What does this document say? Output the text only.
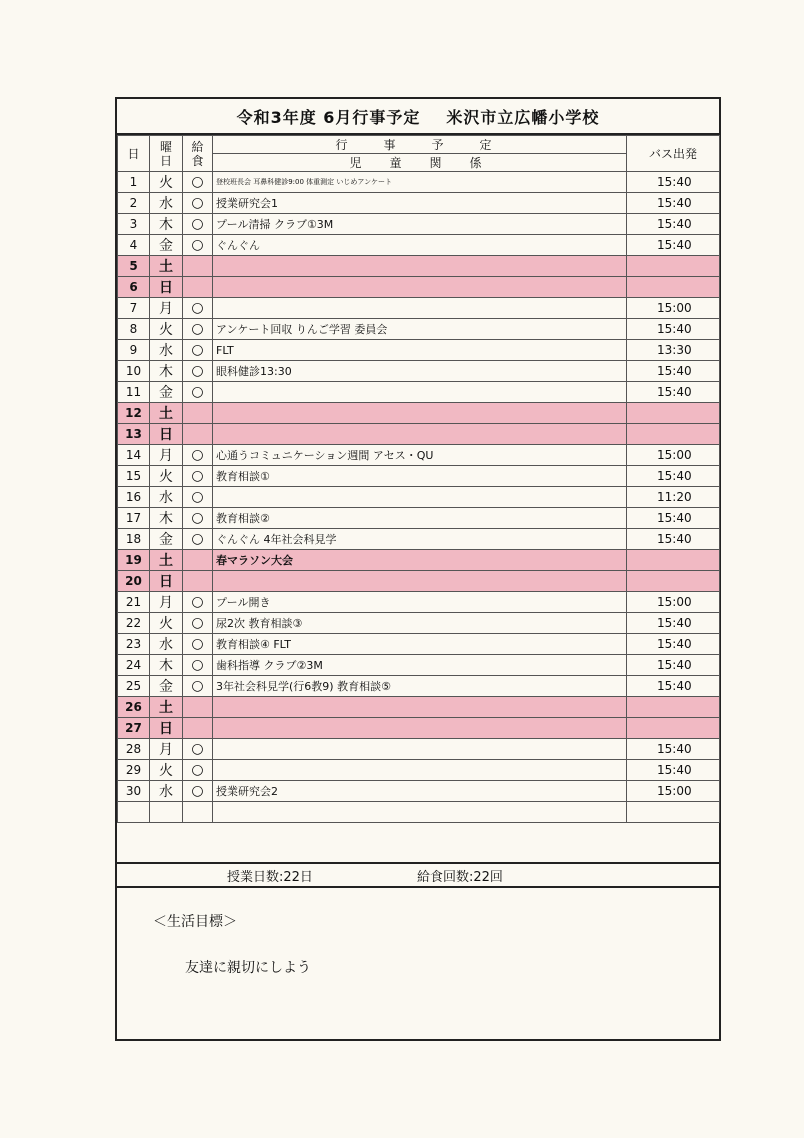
令和3年度 6月行事予定 米沢市立広幡小学校
日	曜日	給食	行　事　予　定	バス出発
			児　童　関　係	
1	火	○	登校班長会 耳鼻科健診9:00 体重測定 いじめアンケート	15:40
2	水	○	授業研究会1	15:40
3	木	○	プール清掃 クラブ①3M	15:40
4	金	○	ぐんぐん	15:40
5	土			
6	日			
7	月	○		15:00
8	火	○	アンケート回収 りんご学習 委員会	15:40
9	水	○	FLT	13:30
10	木	○	眼科健診13:30	15:40
11	金	○		15:40
12	土			
13	日			
14	月	○	心通うコミュニケーション週間 アセス・QU	15:00
15	火	○	教育相談①	15:40
16	水	○		11:20
17	木	○	教育相談②	15:40
18	金	○	ぐんぐん 4年社会科見学	15:40
19	土		春マラソン大会	
20	日			
21	月	○	プール開き	15:00
22	火	○	尿2次 教育相談③	15:40
23	水	○	教育相談④ FLT	15:40
24	木	○	歯科指導 クラブ②3M	15:40
25	金	○	3年社会科見学(行6教9) 教育相談⑤	15:40
26	土			
27	日			
28	月	○		15:40
29	火	○		15:40
30	水	○	授業研究会2	15:00

授業日数:22日	給食回数:22回
＜生活目標＞
友達に親切にしよう
